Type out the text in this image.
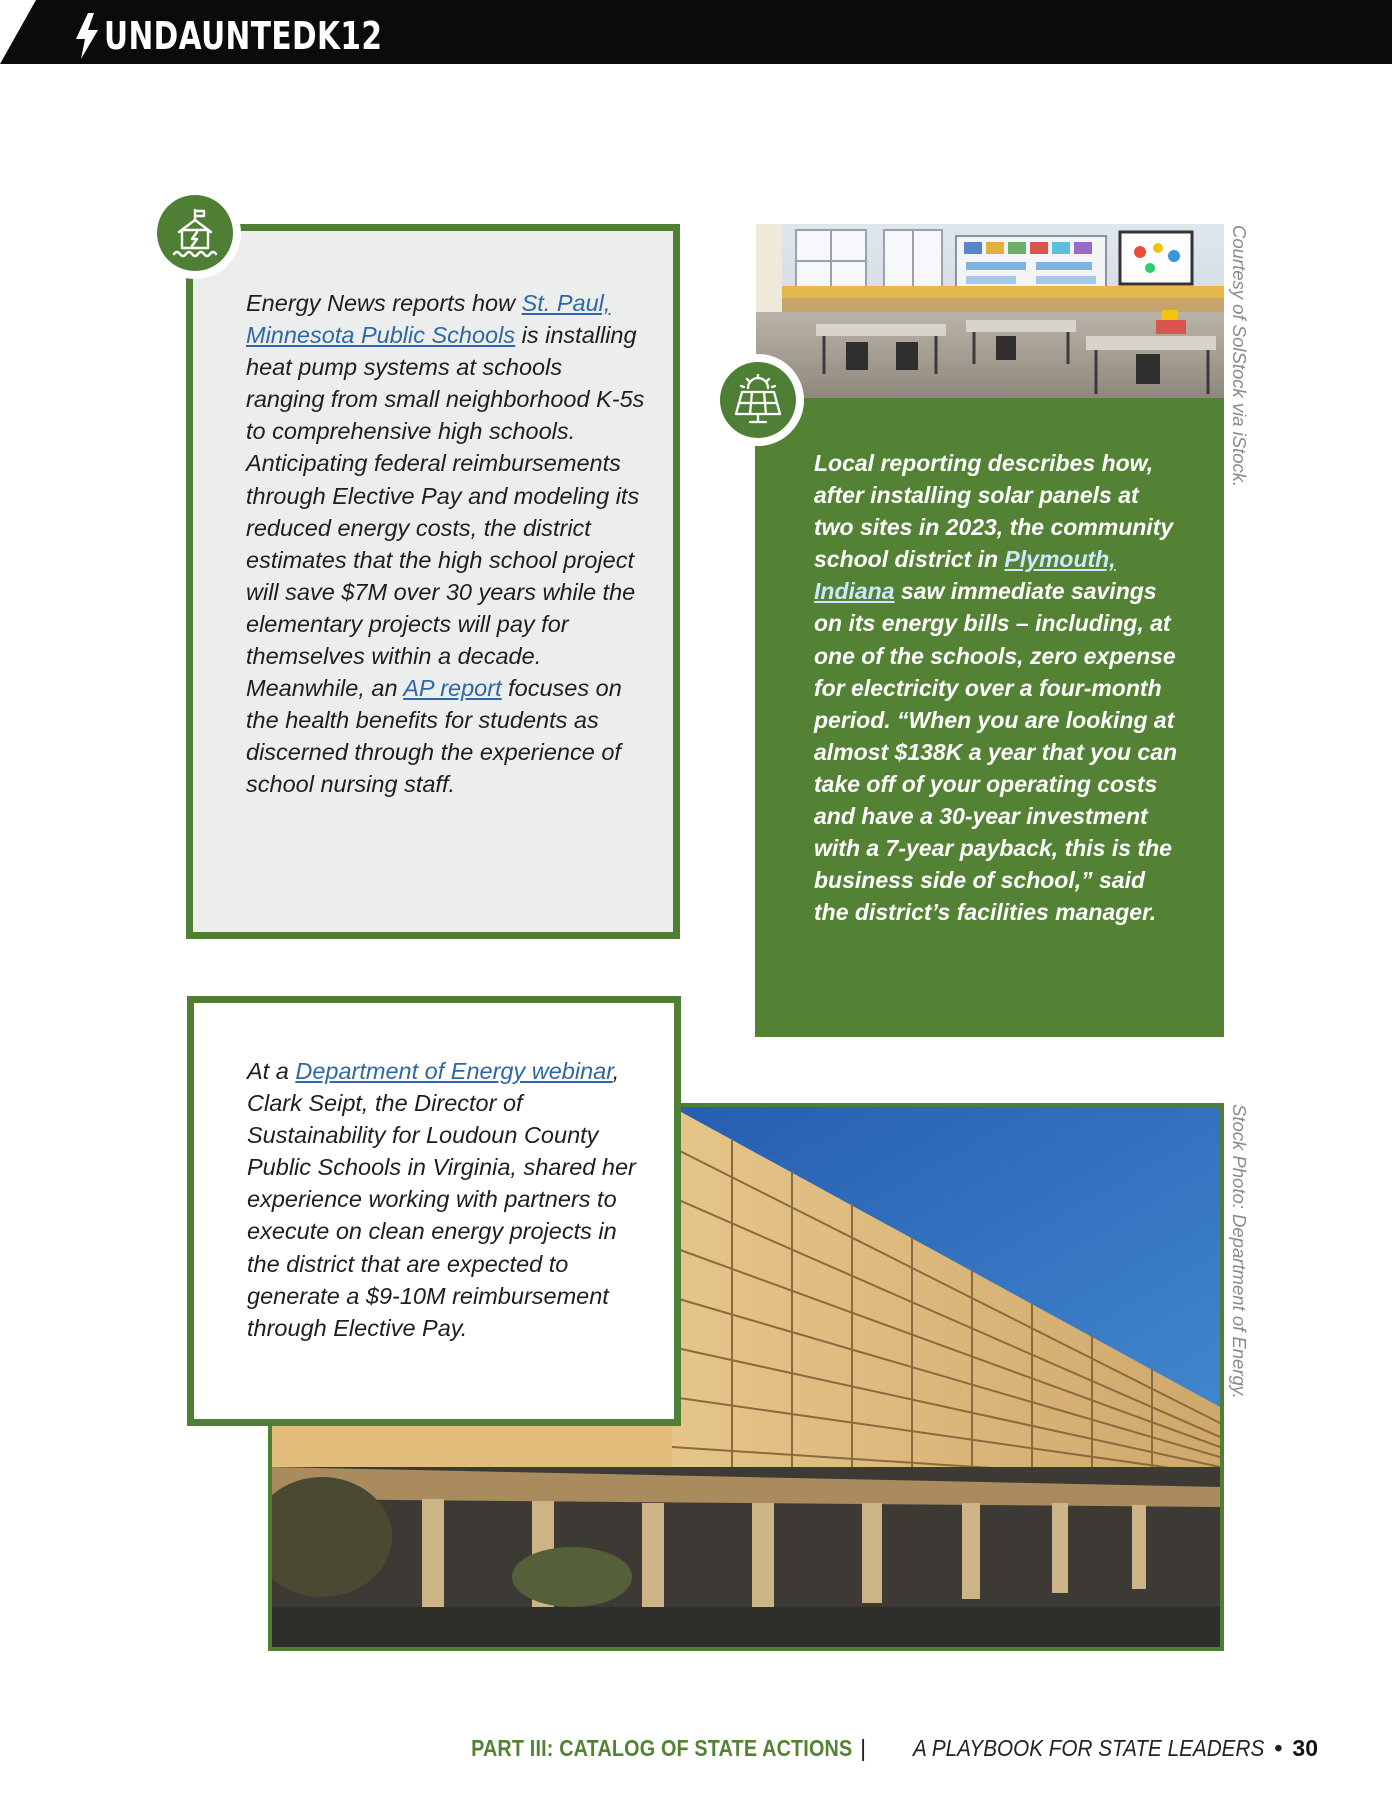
UNDAUNTEDK12

Energy News reports how St. Paul, Minnesota Public Schools is installing heat pump systems at schools ranging from small neighborhood K-5s to comprehensive high schools. Anticipating federal reimbursements through Elective Pay and modeling its reduced energy costs, the district estimates that the high school project will save $7M over 30 years while the elementary projects will pay for themselves within a decade. Meanwhile, an AP report focuses on the health benefits for students as discerned through the experience of school nursing staff.

Courtesy of SolStock via iStock.

Local reporting describes how, after installing solar panels at two sites in 2023, the community school district in Plymouth, Indiana saw immediate savings on its energy bills – including, at one of the schools, zero expense for electricity over a four-month period. “When you are looking at almost $138K a year that you can take off of your operating costs and have a 30-year investment with a 7-year payback, this is the business side of school,” said the district’s facilities manager.

Stock Photo: Department of Energy.

At a Department of Energy webinar, Clark Seipt, the Director of Sustainability for Loudoun County Public Schools in Virginia, shared her experience working with partners to execute on clean energy projects in the district that are expected to generate a $9-10M reimbursement through Elective Pay.

PART III: CATALOG OF STATE ACTIONS | A PLAYBOOK FOR STATE LEADERS • 30
